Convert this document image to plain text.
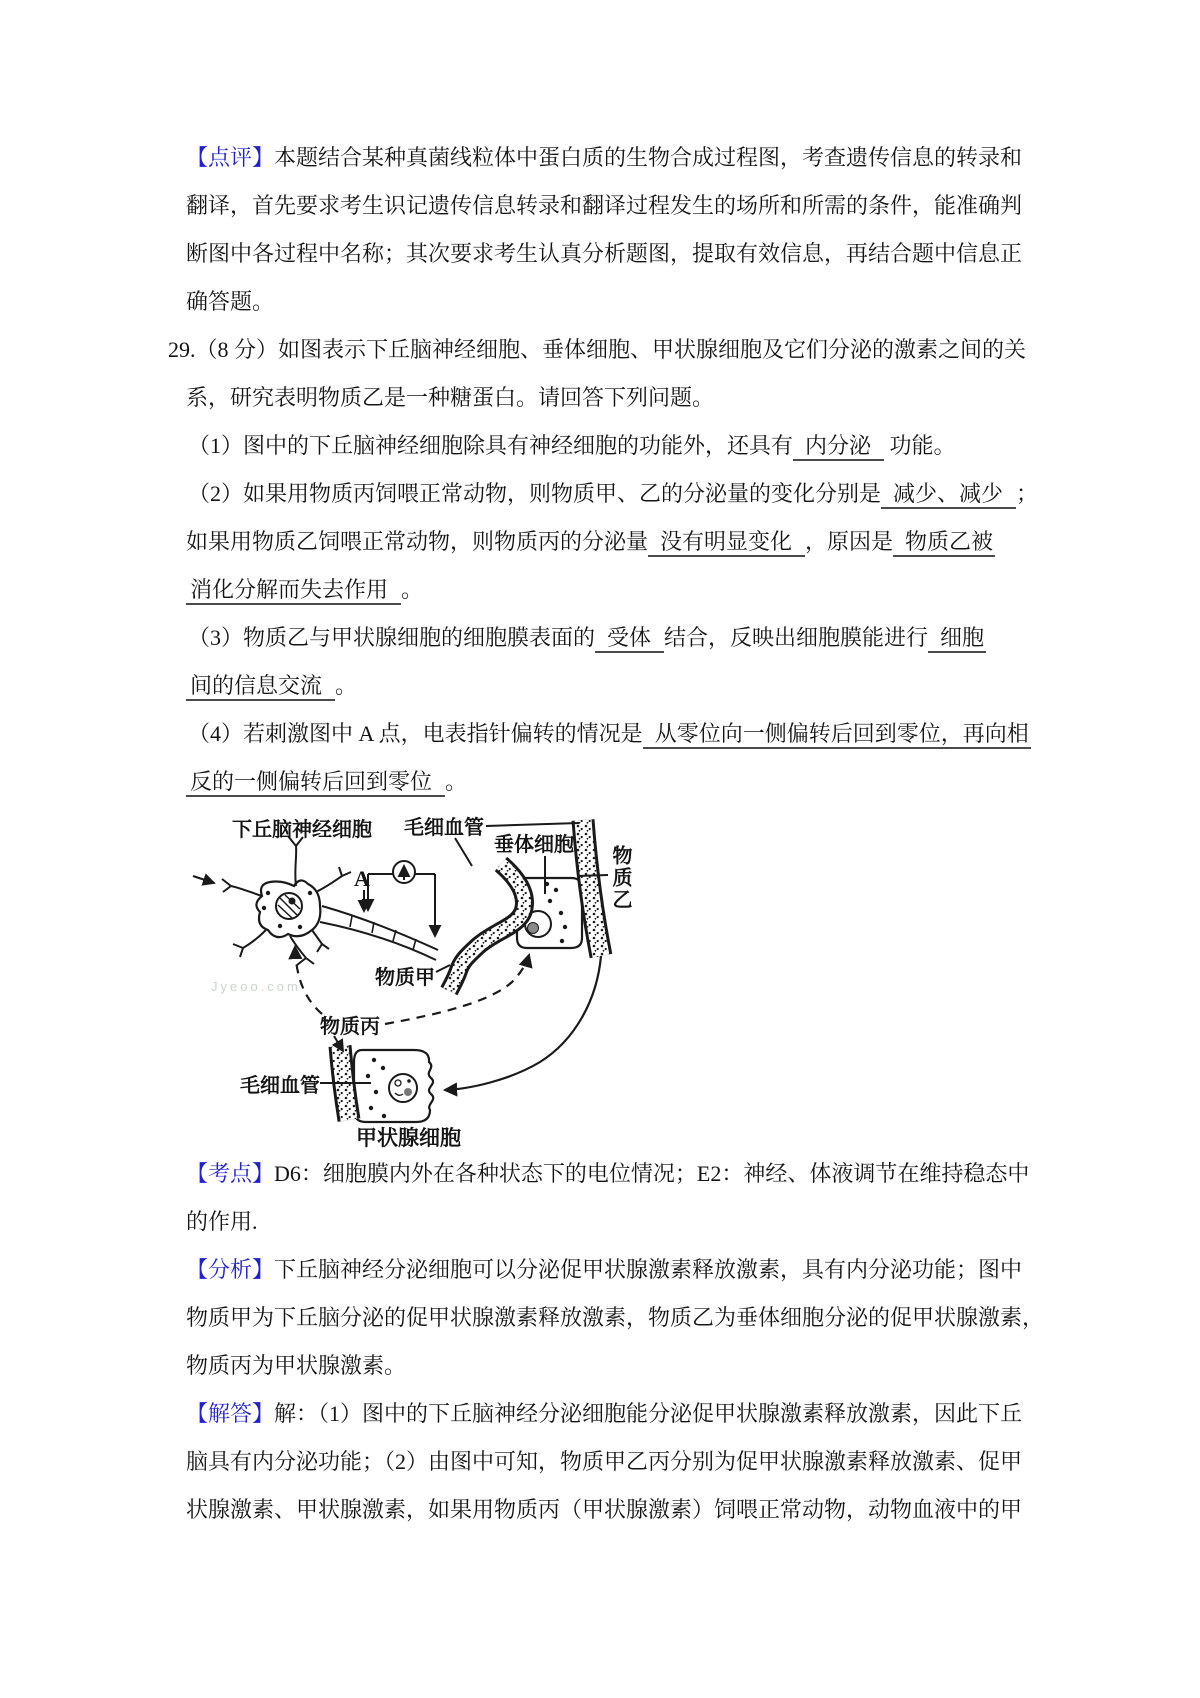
【点评】本题结合某种真菌线粒体中蛋白质的生物合成过程图，考查遗传信息的转录和
翻译，首先要求考生识记遗传信息转录和翻译过程发生的场所和所需的条件，能准确判
断图中各过程中名称；其次要求考生认真分析题图，提取有效信息，再结合题中信息正
确答题。
29.（8 分）如图表示下丘脑神经细胞、垂体细胞、甲状腺细胞及它们分泌的激素之间的关
系，研究表明物质乙是一种糖蛋白。请回答下列问题。
（1）图中的下丘脑神经细胞除具有神经细胞的功能外，还具有 内分泌 功能。
（2）如果用物质丙饲喂正常动物，则物质甲、乙的分泌量的变化分别是 减少、减少 ；
如果用物质乙饲喂正常动物，则物质丙的分泌量 没有明显变化 ，原因是 物质乙被
消化分解而失去作用 。
（3）物质乙与甲状腺细胞的细胞膜表面的 受体 结合，反映出细胞膜能进行 细胞
间的信息交流 。
（4）若刺激图中 A 点，电表指针偏转的情况是 从零位向一侧偏转后回到零位，再向相
反的一侧偏转后回到零位 。
【考点】D6：细胞膜内外在各种状态下的电位情况；E2：神经、体液调节在维持稳态中
的作用.
【分析】下丘脑神经分泌细胞可以分泌促甲状腺激素释放激素，具有内分泌功能；图中
物质甲为下丘脑分泌的促甲状腺激素释放激素，物质乙为垂体细胞分泌的促甲状腺激素，
物质丙为甲状腺激素。
【解答】解：（1）图中的下丘脑神经分泌细胞能分泌促甲状腺激素释放激素，因此下丘
脑具有内分泌功能；（2）由图中可知，物质甲乙丙分别为促甲状腺激素释放激素、促甲
状腺激素、甲状腺激素，如果用物质丙（甲状腺激素）饲喂正常动物，动物血液中的甲
下丘脑神经细胞 毛细血管
垂体细胞
A
物质甲
物质丙
毛细血管
甲状腺细胞
物质乙
Jyeoo.com
